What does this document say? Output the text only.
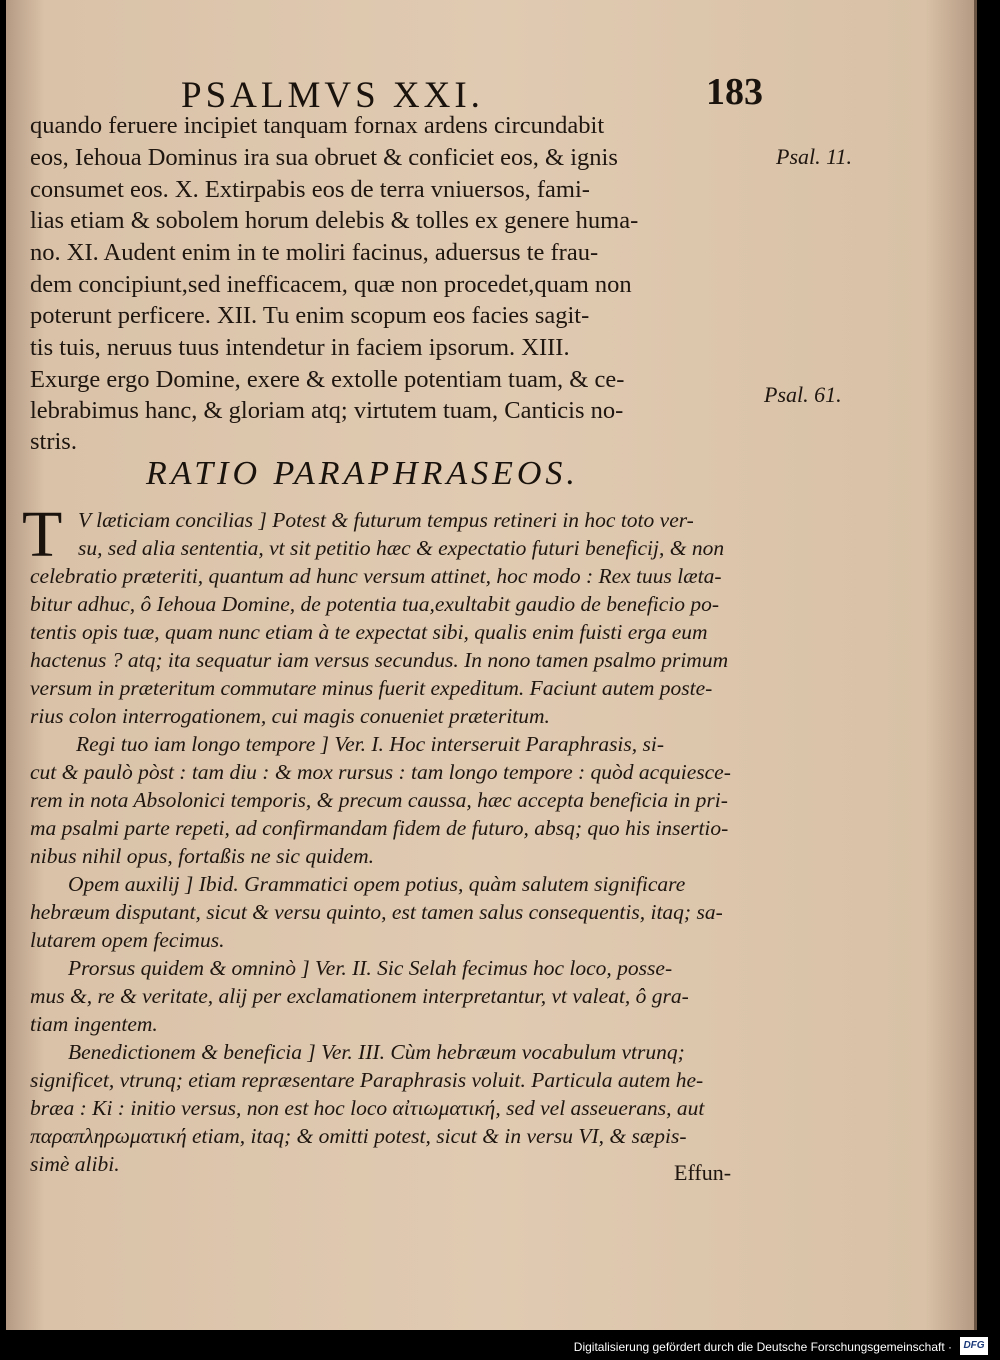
PSALMVS XXI.	183
quando feruere incipiet tanquam fornax ardens circundabit
eos, Iehoua Dominus ira sua obruet & conficiet eos, & ignis
consumet eos. X. Extirpabis eos de terra vniuersos, fami-
lias etiam & sobolem horum delebis & tolles ex genere huma-
no. XI. Audent enim in te moliri facinus, aduersus te frau-
dem concipiunt,sed inefficacem, quæ non procedet,quam non
poterunt perficere. XII. Tu enim scopum eos facies sagit-
tis tuis, neruus tuus intendetur in faciem ipsorum. XIII.
Exurge ergo Domine, exere & extolle potentiam tuam, & ce-
lebrabimus hanc, & gloriam atq; virtutem tuam, Canticis no-
stris.
Psal. 11.
Psal. 61.
RATIO PARAPHRASEOS.
T V læticiam concilias ] Potest & futurum tempus retineri in hoc toto ver-
su, sed alia sententia, vt sit petitio hæc & expectatio futuri beneficij, & non
celebratio præteriti, quantum ad hunc versum attinet, hoc modo : Rex tuus læta-
bitur adhuc, ô Iehoua Domine, de potentia tua,exultabit gaudio de beneficio po-
tentis opis tuæ, quam nunc etiam à te expectat sibi, qualis enim fuisti erga eum
hactenus ? atq; ita sequatur iam versus secundus. In nono tamen psalmo primum
versum in præteritum commutare minus fuerit expeditum. Faciunt autem poste-
rius colon interrogationem, cui magis conueniet præteritum.
Regi tuo iam longo tempore ] Ver. I. Hoc interseruit Paraphrasis, si-
cut & paulò pòst : tam diu : & mox rursus : tam longo tempore : quòd acquiesce-
rem in nota Absolonici temporis, & precum caussa, hæc accepta beneficia in pri-
ma psalmi parte repeti, ad confirmandam fidem de futuro, absq; quo his insertio-
nibus nihil opus, fortaßis ne sic quidem.
Opem auxilij ] Ibid. Grammatici opem potius, quàm salutem significare
hebræum disputant, sicut & versu quinto, est tamen salus consequentis, itaq; sa-
lutarem opem fecimus.
Prorsus quidem & omninò ] Ver. II. Sic Selah fecimus hoc loco, posse-
mus &, re & veritate, alij per exclamationem interpretantur, vt valeat, ô gra-
tiam ingentem.
Benedictionem & beneficia ] Ver. III. Cùm hebræum vocabulum vtrunq;
significet, vtrunq; etiam repræsentare Paraphrasis voluit. Particula autem he-
bræa : Ki : initio versus, non est hoc loco αἰτιωματική, sed vel asseuerans, aut
παραπληρωματική etiam, itaq; & omitti potest, sicut & in versu VI, & sæpis-
simè alibi.	Effun-
Digitalisierung gefördert durch die Deutsche Forschungsgemeinschaft ·	DFG
